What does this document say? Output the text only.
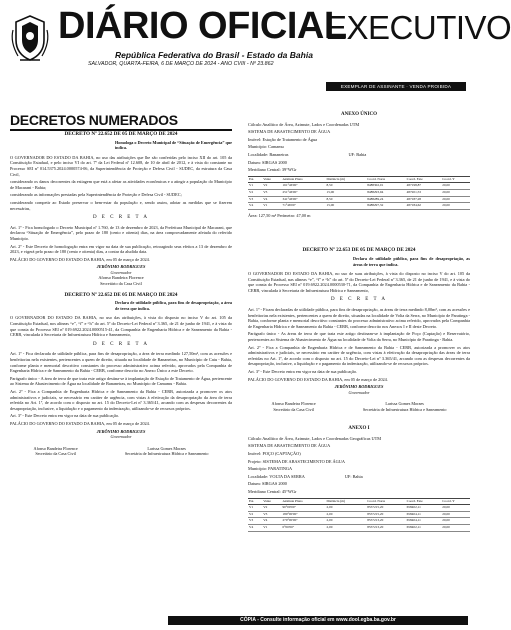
DIÁRIO OFICIAL
EXECUTIVO
República Federativa do Brasil - Estado da Bahia
SALVADOR, QUARTA-FEIRA, 6 DE MARÇO DE 2024 - ANO CVIII - Nº 23.862
EXEMPLAR DE ASSINANTE · VENDA PROIBIDA
DECRETOS NUMERADOS

DECRETO Nº 22.652 DE 05 DE MARÇO DE 2024

Homologa o Decreto Municipal de “Situação de Emergência” que indica.

O GOVERNADOR DO ESTADO DA BAHIA, no uso das atribuições que lhe são conferidas pelo inciso XII do art. 105 da Constituição Estadual, e pelo inciso VI do art. 7º da Lei Federal nº 12.608, de 10 de abril de 2012, e à vista do constante no Processo SEI nº 014.5375.2024.0000574-06, da Superintendência de Proteção e Defesa Civil - SUDEC, da estrutura da Casa Civil,

considerando os danos decorrentes da estiagem que está a afetar as atividades econômicas e a atingir a população do Município de Macarani - Bahia;

considerando as informações prestadas pela Superintendência de Proteção e Defesa Civil - SUDEC;

considerando competir ao Estado preservar o bem-estar da população e, sendo assim, adotar as medidas que se fizerem necessárias,

D E C R E T A

Art. 1º - Fica homologado o Decreto Municipal nº 1.760, de 13 de dezembro de 2023, da Prefeitura Municipal de Macarani, que declarou “Situação de Emergência”, pelo prazo de 180 (cento e oitenta) dias, na área comprovadamente afetada do referido Município.

Art. 2º - Este Decreto de homologação entra em vigor na data de sua publicação, retroagindo seus efeitos a 13 de dezembro de 2023, e vigerá pelo prazo de 180 (cento e oitenta) dias, a contar da aludida data.

PALÁCIO DO GOVERNO DO ESTADO DA BAHIA, em 05 de março de 2024.

JERÔNIMO RODRIGUES

Governador

Afonso Bandeira Florence

Secretário da Casa Civil

DECRETO Nº 22.652 DE 05 DE MARÇO DE 2024

Declara de utilidade pública, para fins de desapropriação, a área de terra que indica.

O GOVERNADOR DO ESTADO DA BAHIA, no uso das atribuições, à vista do disposto no inciso V do art. 105 da Constituição Estadual, nos alíneas “e”, “f” e “h” do art. 5º do Decreto-Lei Federal nº 3.365, de 21 de junho de 1941, e à vista do que consta do Processo SEI nº 019.6922.2024.0000515-41, da Companhia de Engenharia Hídrica e de Saneamento da Bahia - CERB, vinculada à Secretaria de Infraestrutura Hídrica e Saneamento,

D E C R E T A

Art. 1º - Fica declarada de utilidade pública, para fins de desapropriação, a área de terra medindo 127,50m², com as acessões e benfeitorias nela existentes, pertencentes a quem de direito, situada na localidade de Bananeiras, no Município de Catu - Bahia, conforme planta e memorial descritivo constantes do processo administrativo acima referido, aprovados pela Companhia de Engenharia Hídrica e de Saneamento da Bahia - CERB, conforme descrito no Anexo Único a este Decreto.

Parágrafo único - A área de terra de que trata este artigo destina-se à implantação de Estação de Tratamento de Água, pertencente ao Sistema de Abastecimento de Água na localidade de Bananeiras, no Município de Camamu - Bahia.

Art. 2º - Fica a Companhia de Engenharia Hídrica e de Saneamento da Bahia - CERB, autorizada a promover os atos administrativos e judiciais, se necessário em caráter de urgência, com vistas à efetivação da desapropriação da área de terra referida no Art. 1º, de acordo com o disposto no art. 15 do Decreto-Lei nº 3.365/41, arcando com as despesas decorrentes da desapropriação, inclusive, a liquidação e o pagamento da indenização, utilizando-se de recursos próprios.

Art. 3º - Este Decreto entra em vigor na data de sua publicação.

PALÁCIO DO GOVERNO DO ESTADO DA BAHIA, em 05 de março de 2024.

JERÔNIMO RODRIGUES

Governador

Afonso Bandeira Florence
Secretário da Casa Civil
Larissa Gomes Moraes
Secretária de Infraestrutura Hídrica e Saneamento

ANEXO ÚNICO

Cálculo Analítico de Área, Azimute, Lados e Coordenadas UTM

SISTEMA DE ABASTECIMENTO DE ÁGUA

Imóvel: Estação de Tratamento de Água

Município: Camamu

Localidade: Bananeiras	UF: Bahia

Datum: SIRGAS 2000

Meridiano Central: 39°WGr

Est.	Vante	Azimute Plano	Distância (m)	Coord. Norte	Coord. Este	Coord. Y
V1	V2	161°46'00"	8,50	8488302,01	487198,87	20,00
V2	V3	251°46'00"	15,00	8488293,94	487201,53	20,00
V3	V4	341°46'00"	8,50	8488289,24	487187,28	20,00
V4	V1	71°46'00"	15,00	8488297,32	487184,62	20,00

Área: 127,50 m² Perímetro: 47,00 m

DECRETO Nº 22.653 DE 05 DE MARÇO DE 2024

Declara de utilidade pública, para fins de desapropriação, as áreas de terra que indica.

O GOVERNADOR DO ESTADO DA BAHIA, no uso de suas atribuições, à vista do disposto no inciso V do art. 105 da Constituição Estadual, nas alíneas “e”, “f” e “h” do art. 5º do Decreto-Lei Federal nº 3.365, de 21 de junho de 1941, e à vista do que consta do Processo SEI nº 019.6922.2024.0000530-71, da Companhia de Engenharia Hídrica e de Saneamento da Bahia - CERB, vinculada à Secretaria de Infraestrutura Hídrica e Saneamento,

D E C R E T A

Art. 1º - Ficam declaradas de utilidade pública, para fins de desapropriação, as áreas de terra medindo 8,00m², com as acessões e benfeitorias nela existentes, pertencentes a quem de direito, situadas na localidade de Volta da Serra, no Município de Paratinga - Bahia, conforme planta e memorial descritivo constantes do processo administrativo acima referido, aprovados pela Companhia de Engenharia Hídrica e de Saneamento da Bahia - CERB, conforme descrito nos Anexos I e II deste Decreto.

Parágrafo único - As áreas de terra de que trata este artigo destinam-se à implantação de Poço (Captação) e Reservatório, pertencentes ao Sistema de Abastecimento de Água na localidade de Volta da Serra, no Município de Paratinga - Bahia.

Art. 2º - Fica a Companhia de Engenharia Hídrica e de Saneamento da Bahia - CERB, autorizada a promover os atos administrativos e judiciais, se necessário em caráter de urgência, com vistas à efetivação da desapropriação das áreas de terra referidas no Art. 1º, de acordo com o disposto no art. 15 do Decreto-Lei nº 3.365/41, arcando com as despesas decorrentes da desapropriação, inclusive, a liquidação e o pagamento da indenização, utilizando-se de recursos próprios.

Art. 3º - Este Decreto entra em vigor na data de sua publicação.

PALÁCIO DO GOVERNO DO ESTADO DA BAHIA, em 05 de março de 2024.

JERÔNIMO RODRIGUES

Governador

Afonso Bandeira Florence
Secretário da Casa Civil
Larissa Gomes Moraes
Secretária de Infraestrutura Hídrica e Saneamento

ANEXO I

Cálculo Analítico de Área, Azimute, Lados e Coordenadas Geográficas UTM

SISTEMA DE ABASTECIMENTO DE ÁGUA

Imóvel: POÇO (CAPTAÇÃO)

Projeto: SISTEMA DE ABASTECIMENTO DE ÁGUA

Município: PARATINGA

Localidade: VOLTA DA SERRA	UF: Bahia

Datum: SIRGAS 2000

Meridiano Central: 45°WGr

Est.	Vante	Azimute Plano	Distância (m)	Coord. Norte	Coord. Este	Coord. Y
V1	V2	90°00'00"	2,00	8557215,20	658402,11	20,00
V2	V3	180°00'00"	2,00	8557215,20	658404,11	20,00
V3	V4	270°00'00"	2,00	8557213,20	658404,11	20,00
V4	V1	0°00'00"	2,00	8557213,20	658402,11	20,00
CÓPIA - Consulte informação oficial em www.dool.egba.ba.gov.br
